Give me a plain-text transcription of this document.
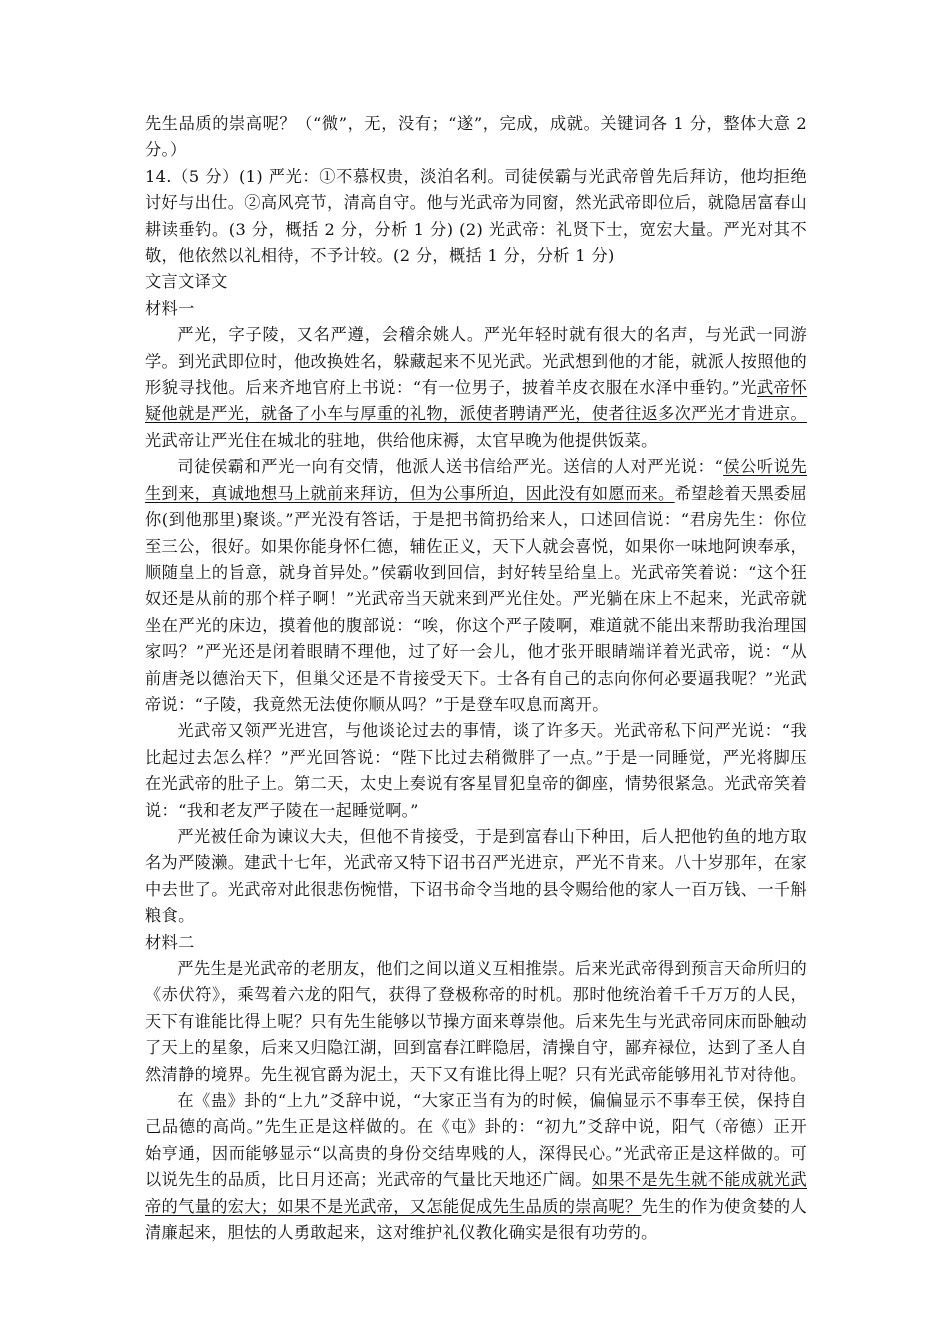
先生品质的崇高呢？（“微”，无，没有；“遂”，完成，成就。关键词各 1 分，整体大意 2 分。）

14.（5 分）(1) 严光：①不慕权贵，淡泊名利。司徒侯霸与光武帝曾先后拜访，他均拒绝讨好与出仕。②高风亮节，清高自守。他与光武帝为同窗，然光武帝即位后，就隐居富春山耕读垂钓。(3 分，概括 2 分，分析 1 分) (2) 光武帝：礼贤下士，宽宏大量。严光对其不敬，他依然以礼相待，不予计较。(2 分，概括 1 分，分析 1 分)

文言文译文

材料一

严光，字子陵，又名严遵，会稽余姚人。严光年轻时就有很大的名声，与光武一同游学。到光武即位时，他改换姓名，躲藏起来不见光武。光武想到他的才能，就派人按照他的形貌寻找他。后来齐地官府上书说：“有一位男子，披着羊皮衣服在水泽中垂钓。”光武帝怀疑他就是严光，就备了小车与厚重的礼物，派使者聘请严光，使者往返多次严光才肯进京。光武帝让严光住在城北的驻地，供给他床褥，太官早晚为他提供饭菜。

司徒侯霸和严光一向有交情，他派人送书信给严光。送信的人对严光说：“侯公听说先生到来，真诚地想马上就前来拜访，但为公事所迫，因此没有如愿而来。希望趁着天黑委屈你(到他那里)聚谈。”严光没有答话，于是把书简扔给来人，口述回信说：“君房先生：你位至三公，很好。如果你能身怀仁德，辅佐正义，天下人就会喜悦，如果你一味地阿谀奉承，顺随皇上的旨意，就身首异处。”侯霸收到回信，封好转呈给皇上。光武帝笑着说：“这个狂奴还是从前的那个样子啊！”光武帝当天就来到严光住处。严光躺在床上不起来，光武帝就坐在严光的床边，摸着他的腹部说：“唉，你这个严子陵啊，难道就不能出来帮助我治理国家吗？”严光还是闭着眼睛不理他，过了好一会儿，他才张开眼睛端详着光武帝，说：“从前唐尧以德治天下，但巢父还是不肯接受天下。士各有自己的志向你何必要逼我呢？”光武帝说：“子陵，我竟然无法使你顺从吗？”于是登车叹息而离开。

光武帝又领严光进宫，与他谈论过去的事情，谈了许多天。光武帝私下问严光说：“我比起过去怎么样？”严光回答说：“陛下比过去稍微胖了一点。”于是一同睡觉，严光将脚压在光武帝的肚子上。第二天，太史上奏说有客星冒犯皇帝的御座，情势很紧急。光武帝笑着说：“我和老友严子陵在一起睡觉啊。”

严光被任命为谏议大夫，但他不肯接受，于是到富春山下种田，后人把他钓鱼的地方取名为严陵濑。建武十七年，光武帝又特下诏书召严光进京，严光不肯来。八十岁那年，在家中去世了。光武帝对此很悲伤惋惜，下诏书命令当地的县令赐给他的家人一百万钱、一千斛粮食。

材料二

严先生是光武帝的老朋友，他们之间以道义互相推崇。后来光武帝得到预言天命所归的《赤伏符》，乘驾着六龙的阳气，获得了登极称帝的时机。那时他统治着千千万万的人民，天下有谁能比得上呢？只有先生能够以节操方面来尊崇他。后来先生与光武帝同床而卧触动了天上的星象，后来又归隐江湖，回到富春江畔隐居，清操自守，鄙弃禄位，达到了圣人自然清静的境界。先生视官爵为泥土，天下又有谁比得上呢？只有光武帝能够用礼节对待他。

在《蛊》卦的“上九”爻辞中说，“大家正当有为的时候，偏偏显示不事奉王侯，保持自己品德的高尚。”先生正是这样做的。在《屯》卦的：“初九”爻辞中说，阳气（帝德）正开始亨通，因而能够显示“以高贵的身份交结卑贱的人，深得民心。”光武帝正是这样做的。可以说先生的品质，比日月还高；光武帝的气量比天地还广阔。如果不是先生就不能成就光武帝的气量的宏大；如果不是光武帝，又怎能促成先生品质的崇高呢？先生的作为使贪婪的人清廉起来，胆怯的人勇敢起来，这对维护礼仪教化确实是很有功劳的。
